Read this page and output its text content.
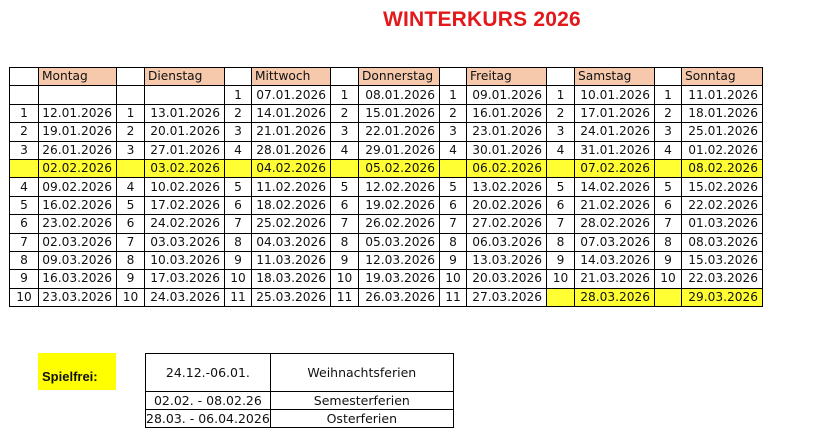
WINTERKURS 2026
	Montag		Dienstag		Mittwoch		Donnerstag		Freitag		Samstag		Sonntag
				1	07.01.2026	1	08.01.2026	1	09.01.2026	1	10.01.2026	1	11.01.2026
1	12.01.2026	1	13.01.2026	2	14.01.2026	2	15.01.2026	2	16.01.2026	2	17.01.2026	2	18.01.2026
2	19.01.2026	2	20.01.2026	3	21.01.2026	3	22.01.2026	3	23.01.2026	3	24.01.2026	3	25.01.2026
3	26.01.2026	3	27.01.2026	4	28.01.2026	4	29.01.2026	4	30.01.2026	4	31.01.2026	4	01.02.2026
	02.02.2026		03.02.2026		04.02.2026		05.02.2026		06.02.2026		07.02.2026		08.02.2026
4	09.02.2026	4	10.02.2026	5	11.02.2026	5	12.02.2026	5	13.02.2026	5	14.02.2026	5	15.02.2026
5	16.02.2026	5	17.02.2026	6	18.02.2026	6	19.02.2026	6	20.02.2026	6	21.02.2026	6	22.02.2026
6	23.02.2026	6	24.02.2026	7	25.02.2026	7	26.02.2026	7	27.02.2026	7	28.02.2026	7	01.03.2026
7	02.03.2026	7	03.03.2026	8	04.03.2026	8	05.03.2026	8	06.03.2026	8	07.03.2026	8	08.03.2026
8	09.03.2026	8	10.03.2026	9	11.03.2026	9	12.03.2026	9	13.03.2026	9	14.03.2026	9	15.03.2026
9	16.03.2026	9	17.03.2026	10	18.03.2026	10	19.03.2026	10	20.03.2026	10	21.03.2026	10	22.03.2026
10	23.03.2026	10	24.03.2026	11	25.03.2026	11	26.03.2026	11	27.03.2026		28.03.2026		29.03.2026
Spielfrei:	24.12.-06.01.	Weihnachtsferien
02.02. - 08.02.26	Semesterferien
28.03. - 06.04.2026	Osterferien
